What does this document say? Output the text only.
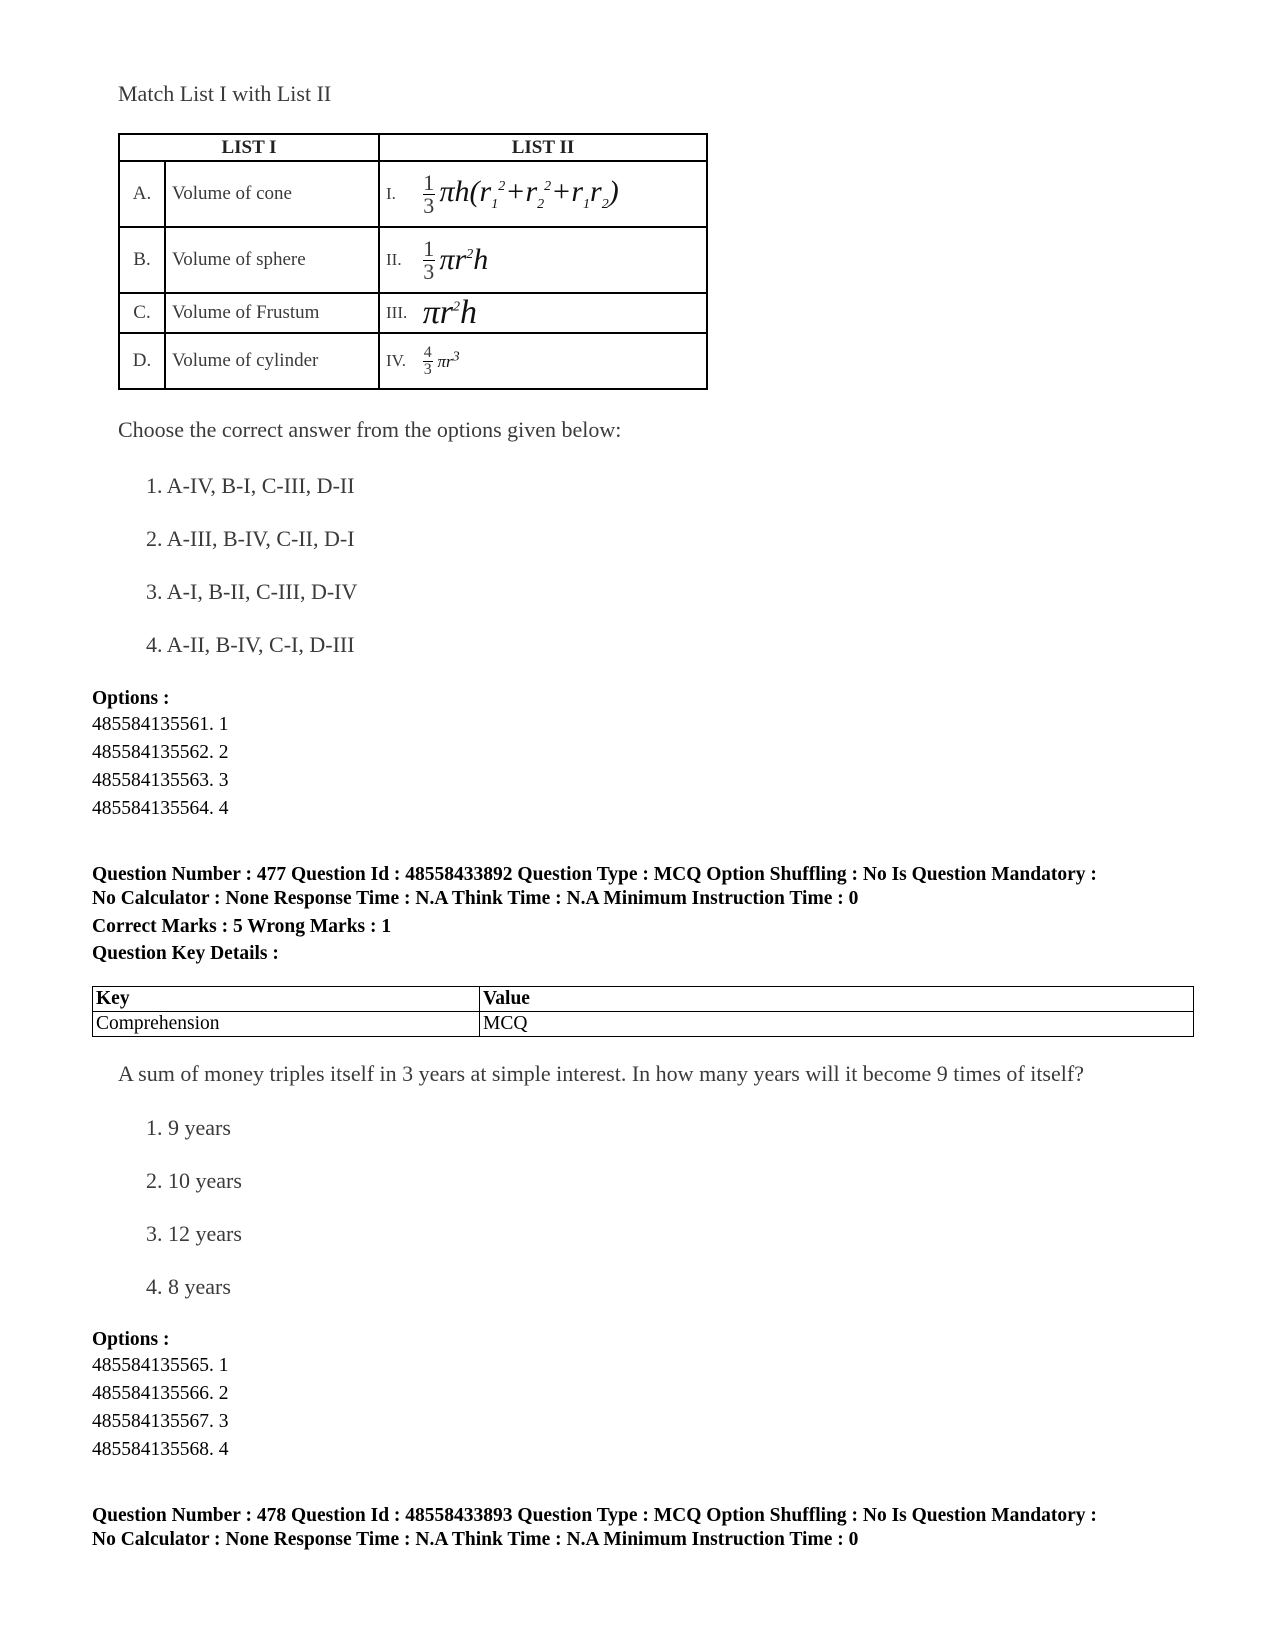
Match List I with List II
LIST I		LIST II
A.	Volume of cone	I. $\frac{1}{3} \pi h(r_1^2+r_2^2+r_1r_2)$
B.	Volume of sphere	II. $\frac{1}{3} \pi r^2h$
C.	Volume of Frustum	III. $\pi r^2h$
D.	Volume of cylinder	IV. $\frac{4}{3} \pi r^3$
Choose the correct answer from the options given below:
1. A-IV, B-I, C-III, D-II
2. A-III, B-IV, C-II, D-I
3. A-I, B-II, C-III, D-IV
4. A-II, B-IV, C-I, D-III
Options :
485584135561. 1
485584135562. 2
485584135563. 3
485584135564. 4
Question Number : 477 Question Id : 48558433892 Question Type : MCQ Option Shuffling : No Is Question Mandatory :
No Calculator : None Response Time : N.A Think Time : N.A Minimum Instruction Time : 0
Correct Marks : 5 Wrong Marks : 1
Question Key Details :
Key	Value
Comprehension	MCQ
A sum of money triples itself in 3 years at simple interest. In how many years will it become 9 times of itself?
1. 9 years
2. 10 years
3. 12 years
4. 8 years
Options :
485584135565. 1
485584135566. 2
485584135567. 3
485584135568. 4
Question Number : 478 Question Id : 48558433893 Question Type : MCQ Option Shuffling : No Is Question Mandatory :
No Calculator : None Response Time : N.A Think Time : N.A Minimum Instruction Time : 0
